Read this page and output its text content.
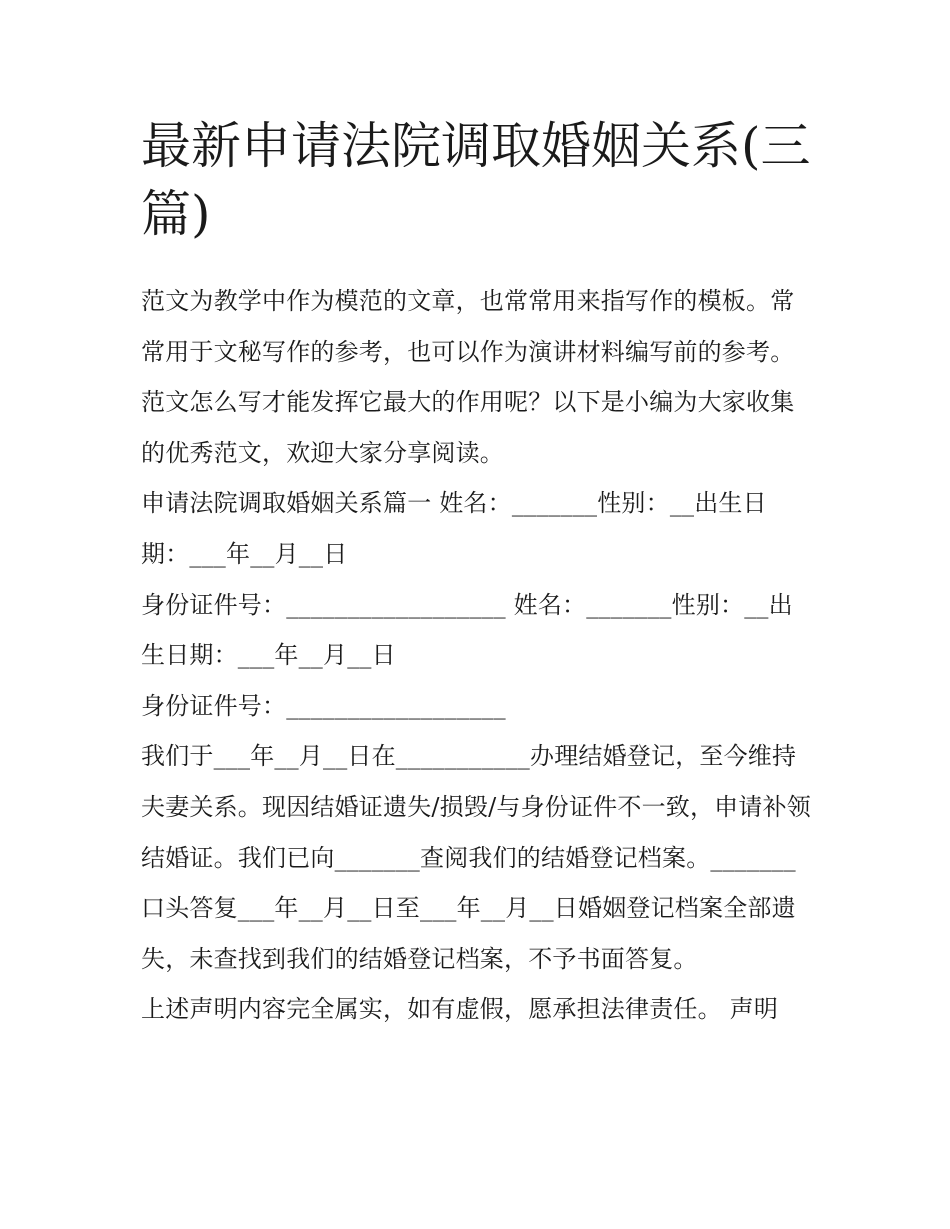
最新申请法院调取婚姻关系(三篇)

范文为教学中作为模范的文章，也常常用来指写作的模板。常常用于文秘写作的参考，也可以作为演讲材料编写前的参考。范文怎么写才能发挥它最大的作用呢？以下是小编为大家收集的优秀范文，欢迎大家分享阅读。

申请法院调取婚姻关系篇一 姓名：_______性别：__出生日期：___年__月__日

身份证件号：__________________ 姓名：_______性别：__出生日期：___年__月__日

身份证件号：__________________

我们于___年__月__日在___________办理结婚登记，至今维持夫妻关系。现因结婚证遗失/损毁/与身份证件不一致，申请补领结婚证。我们已向_______查阅我们的结婚登记档案。_______口头答复___年__月__日至___年__月__日婚姻登记档案全部遗失，未查找到我们的结婚登记档案，不予书面答复。

上述声明内容完全属实，如有虚假，愿承担法律责任。 声明
